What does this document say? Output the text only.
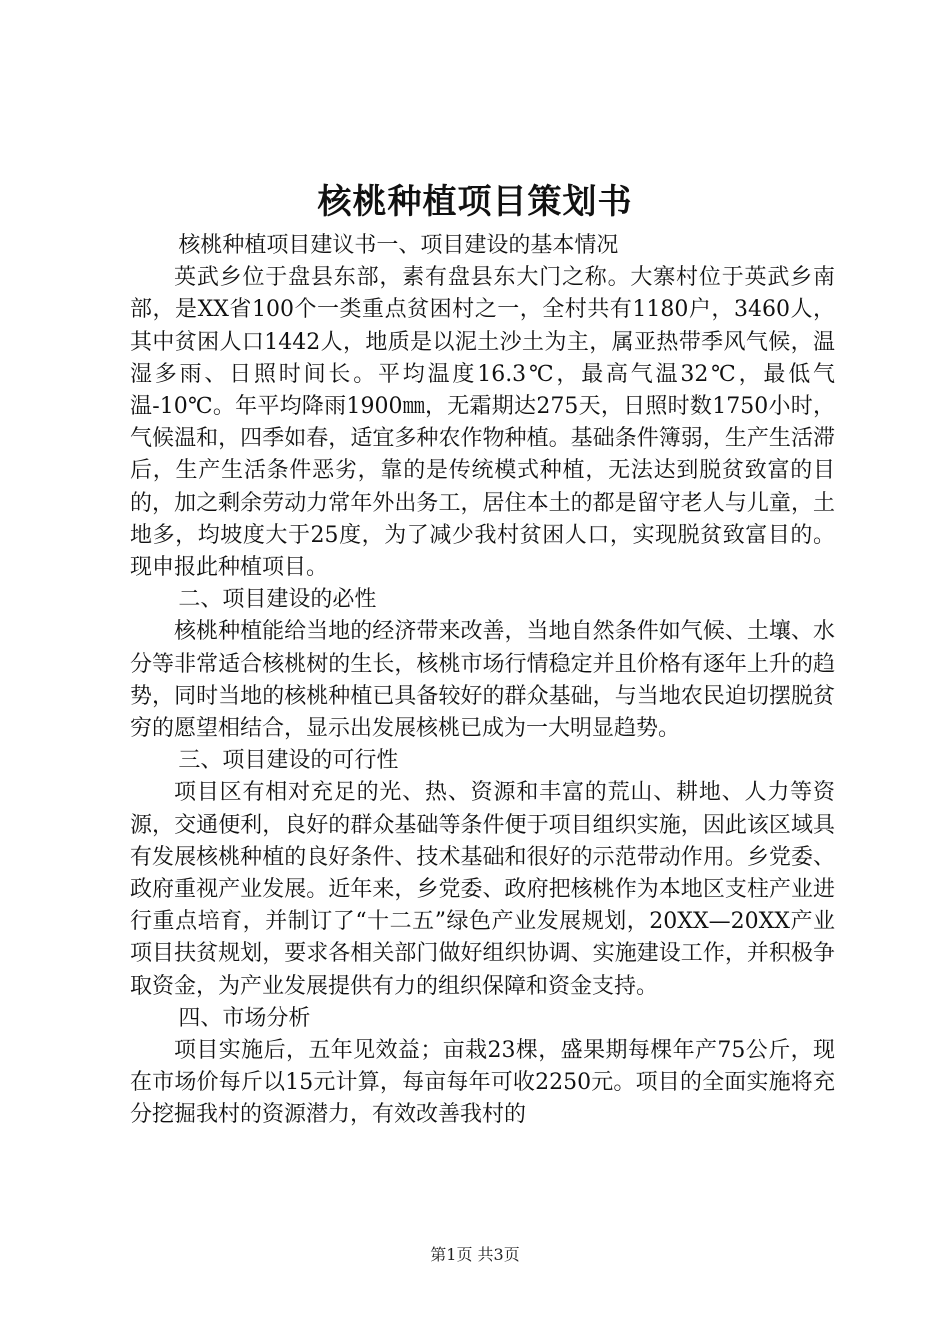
核桃种植项目策划书

核桃种植项目建议书一、项目建设的基本情况

英武乡位于盘县东部，素有盘县东大门之称。大寨村位于英武乡南部，是XX省100个一类重点贫困村之一，全村共有1180户，3460人，其中贫困人口1442人，地质是以泥土沙土为主，属亚热带季风气候，温湿多雨、日照时间长。平均温度16.3℃，最高气温32℃，最低气温-10℃。年平均降雨1900㎜，无霜期达275天，日照时数1750小时，气候温和，四季如春，适宜多种农作物种植。基础条件簿弱，生产生活滞后，生产生活条件恶劣，靠的是传统模式种植，无法达到脱贫致富的目的，加之剩余劳动力常年外出务工，居住本土的都是留守老人与儿童，土地多，均坡度大于25度，为了减少我村贫困人口，实现脱贫致富目的。现申报此种植项目。

二、项目建设的必性

核桃种植能给当地的经济带来改善，当地自然条件如气候、土壤、水分等非常适合核桃树的生长，核桃市场行情稳定并且价格有逐年上升的趋势，同时当地的核桃种植已具备较好的群众基础，与当地农民迫切摆脱贫穷的愿望相结合，显示出发展核桃已成为一大明显趋势。

三、项目建设的可行性

项目区有相对充足的光、热、资源和丰富的荒山、耕地、人力等资源，交通便利，良好的群众基础等条件便于项目组织实施，因此该区域具有发展核桃种植的良好条件、技术基础和很好的示范带动作用。乡党委、政府重视产业发展。近年来，乡党委、政府把核桃作为本地区支柱产业进行重点培育，并制订了“十二五”绿色产业发展规划，20XX—20XX产业项目扶贫规划，要求各相关部门做好组织协调、实施建设工作，并积极争取资金，为产业发展提供有力的组织保障和资金支持。

四、市场分析

项目实施后，五年见效益；亩栽23棵，盛果期每棵年产75公斤，现在市场价每斤以15元计算，每亩每年可收2250元。项目的全面实施将充分挖掘我村的资源潜力，有效改善我村的

第1页 共3页
